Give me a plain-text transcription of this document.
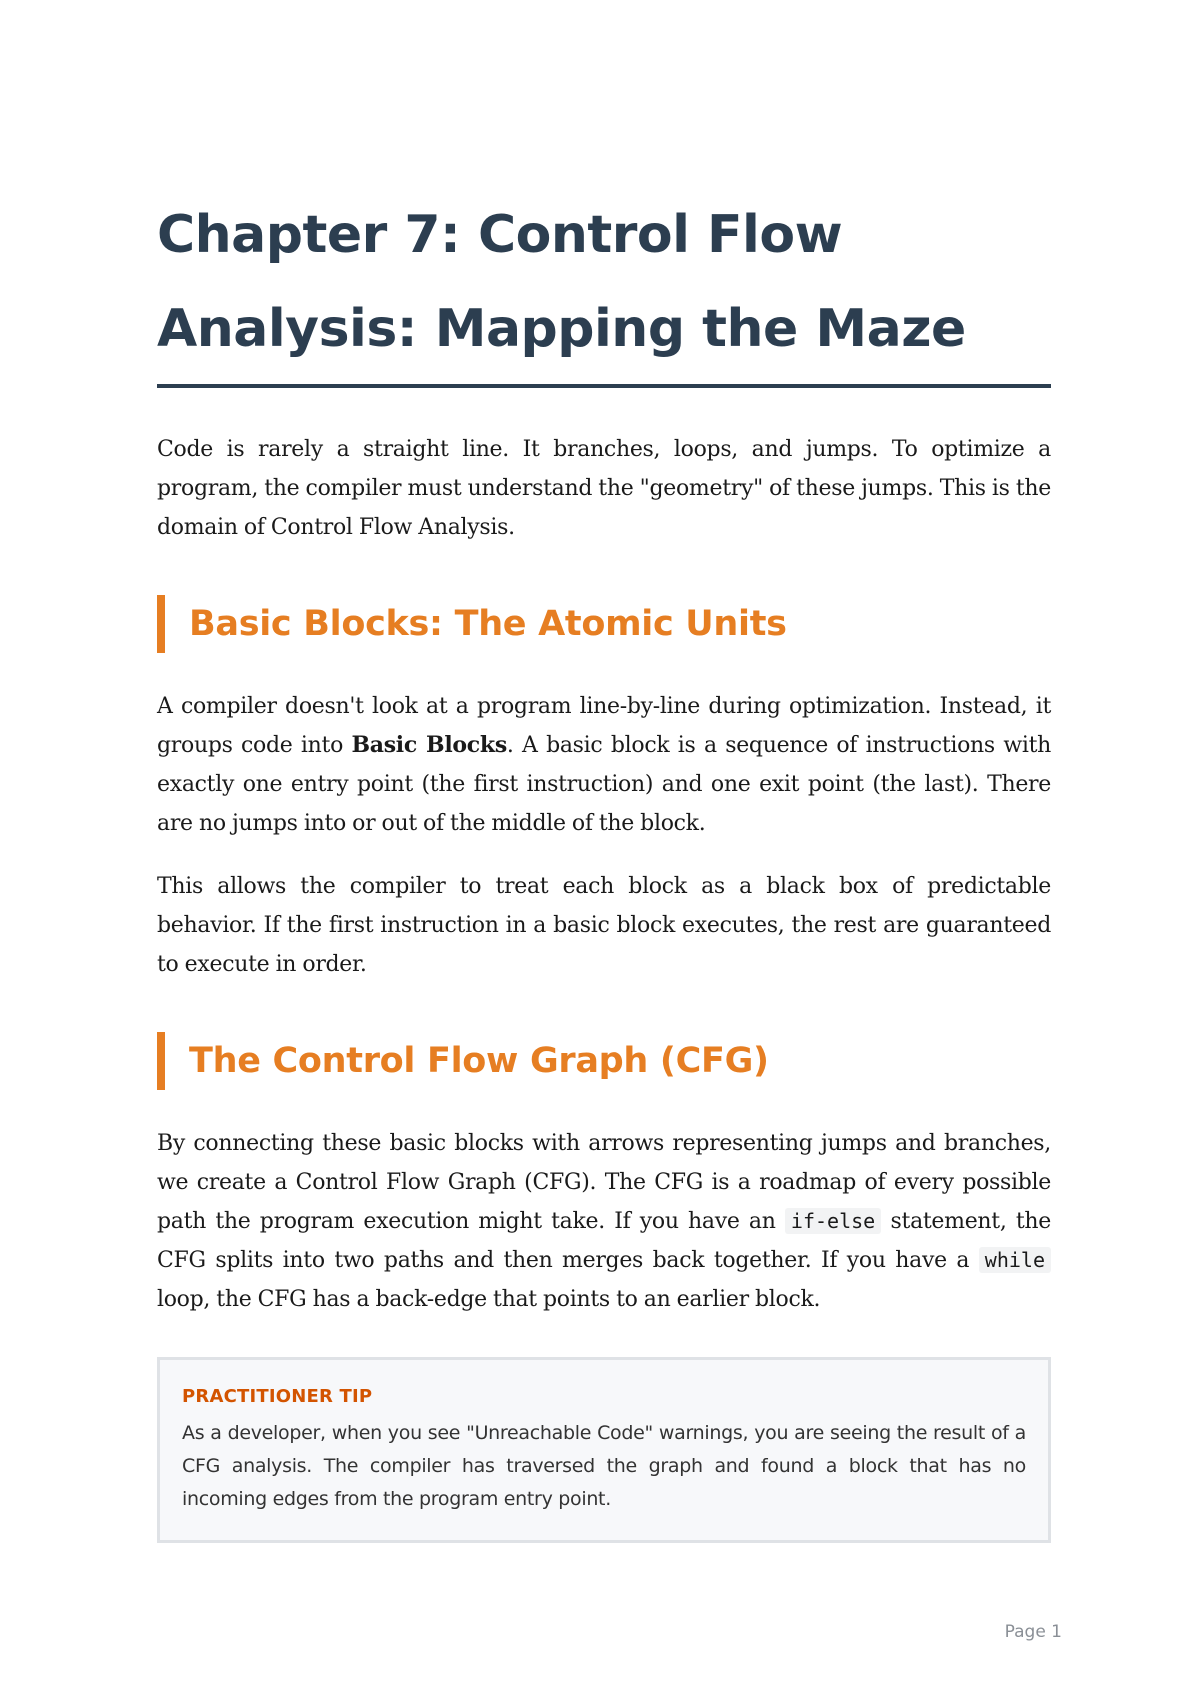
Chapter 7: Control Flow
Analysis: Mapping the Maze

Code is rarely a straight line. It branches, loops, and jumps. To optimize a program, the compiler must understand the "geometry" of these jumps. This is the domain of Control Flow Analysis.

Basic Blocks: The Atomic Units

A compiler doesn't look at a program line-by-line during optimization. Instead, it groups code into Basic Blocks. A basic block is a sequence of instructions with exactly one entry point (the first instruction) and one exit point (the last). There are no jumps into or out of the middle of the block.

This allows the compiler to treat each block as a black box of predictable behavior. If the first instruction in a basic block executes, the rest are guaranteed to execute in order.

The Control Flow Graph (CFG)

By connecting these basic blocks with arrows representing jumps and branches, we create a Control Flow Graph (CFG). The CFG is a roadmap of every possible path the program execution might take. If you have an if-else statement, the CFG splits into two paths and then merges back together. If you have a while loop, the CFG has a back-edge that points to an earlier block.

PRACTITIONER TIP

As a developer, when you see "Unreachable Code" warnings, you are seeing the result of a CFG analysis. The compiler has traversed the graph and found a block that has no incoming edges from the program entry point.

Page 1
